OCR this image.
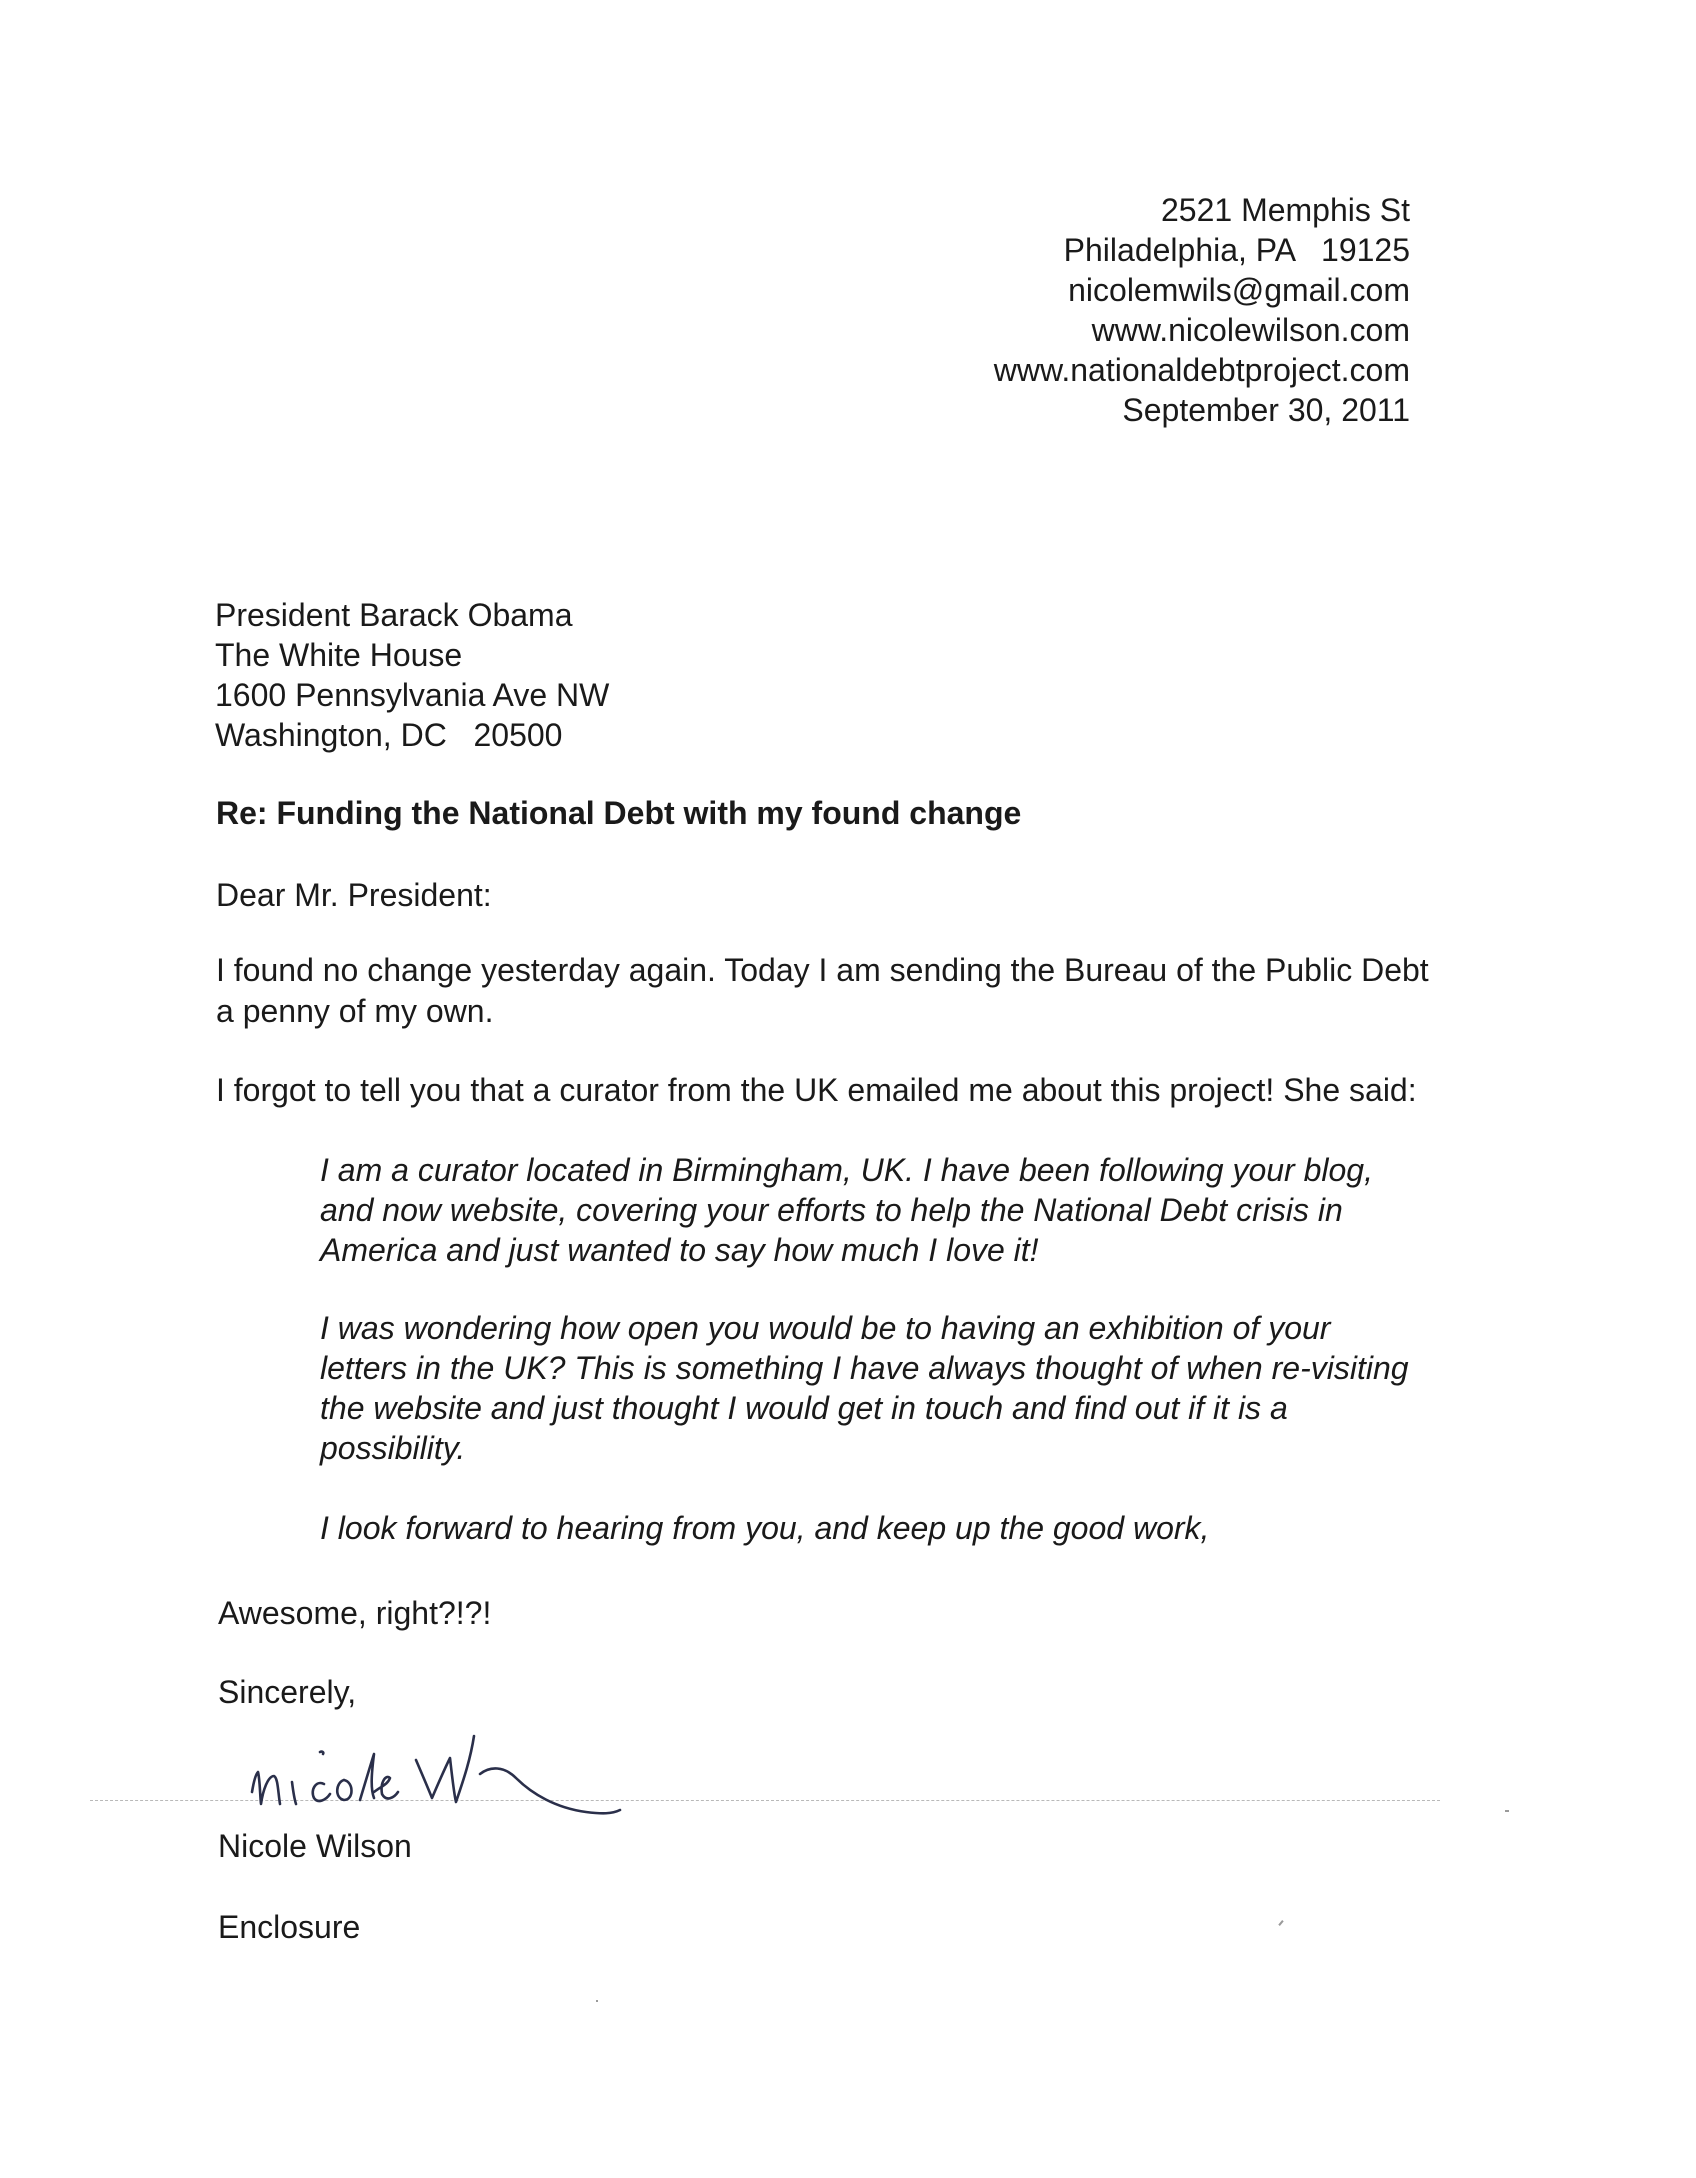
2521 Memphis St

Philadelphia, PA   19125

nicolemwils@gmail.com

www.nicolewilson.com

www.nationaldebtproject.com

September 30, 2011

President Barack Obama

The White House

1600 Pennsylvania Ave NW

Washington, DC   20500

Re: Funding the National Debt with my found change

Dear Mr. President:

I found no change yesterday again. Today I am sending the Bureau of the Public Debt a penny of my own.

I forgot to tell you that a curator from the UK emailed me about this project! She said:

I am a curator located in Birmingham, UK. I have been following your blog, and now website, covering your efforts to help the National Debt crisis in America and just wanted to say how much I love it!

I was wondering how open you would be to having an exhibition of your letters in the UK? This is something I have always thought of when re-visiting the website and just thought I would get in touch and find out if it is a possibility.

I look forward to hearing from you, and keep up the good work,

Awesome, right?!?!

Sincerely,

Nicole Wilson

Enclosure
